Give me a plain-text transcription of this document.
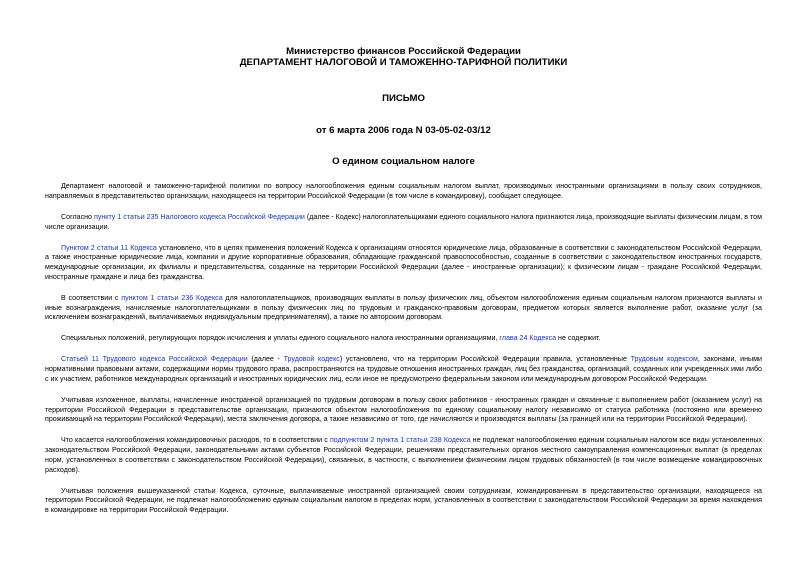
Министерство финансов Российской Федерации
ДЕПАРТАМЕНТ НАЛОГОВОЙ И ТАМОЖЕННО-ТАРИФНОЙ ПОЛИТИКИ
ПИСЬМО
от 6 марта 2006 года N 03-05-02-03/12
О едином социальном налоге

Департамент налоговой и таможенно-тарифной политики по вопросу налогообложения единым социальным налогом выплат, производимых иностранными организациями в пользу своих сотрудников, направляемых в представительство организации, находящееся на территории Российской Федерации (в том числе в командировку), сообщает следующее.

Согласно пункту 1 статьи 235 Налогового кодекса Российской Федерации (далее - Кодекс) налогоплательщиками единого социального налога признаются лица, производящие выплаты физическим лицам, в том числе организации.

Пунктом 2 статьи 11 Кодекса установлено, что в целях применения положений Кодекса к организациям относятся юридические лица, образованные в соответствии с законодательством Российской Федерации, а также иностранные юридические лица, компании и другие корпоративные образования, обладающие гражданской правоспособностью, созданные в соответствии с законодательством иностранных государств, международные организации, их филиалы и представительства, созданные на территории Российской Федерации (далее - иностранные организации); к физическим лицам - граждане Российской Федерации, иностранные граждане и лица без гражданства.

В соответствии с пунктом 1 статьи 236 Кодекса для налогоплательщиков, производящих выплаты в пользу физических лиц, объектом налогообложения единым социальным налогом признаются выплаты и иные вознаграждения, начисляемые налогоплательщиками в пользу физических лиц по трудовым и гражданско-правовым договорам, предметом которых является выполнение работ, оказание услуг (за исключением вознаграждений, выплачиваемых индивидуальным предпринимателям), а также по авторским договорам.

Специальных положений, регулирующих порядок исчисления и уплаты единого социального налога иностранными организациями, глава 24 Кодекса не содержит.

Статьей 11 Трудового кодекса Российской Федерации (далее - Трудовой кодекс) установлено, что на территории Российской Федерации правила, установленные Трудовым кодексом, законами, иными нормативными правовыми актами, содержащими нормы трудового права, распространяются на трудовые отношения иностранных граждан, лиц без гражданства, организаций, созданных или учрежденных ими либо с их участием, работников международных организаций и иностранных юридических лиц, если иное не предусмотрено федеральным законом или международным договором Российской Федерации.

Учитывая изложенное, выплаты, начисленные иностранной организацией по трудовым договорам в пользу своих работников - иностранных граждан и связанные с выполнением работ (оказанием услуг) на территории Российской Федерации в представительстве организации, признаются объектом налогообложения по единому социальному налогу независимо от статуса работника (постоянно или временно проживающий на территории Российской Федерации), места заключения договора, а также независимо от того, где начисляются и производятся выплаты (за границей или на территории Российской Федерации).

Что касается налогообложения командировочных расходов, то в соответствии с подпунктом 2 пункта 1 статьи 238 Кодекса не подлежат налогообложению единым социальным налогом все виды установленных законодательством Российской Федерации, законодательными актами субъектов Российской Федерации, решениями представительных органов местного самоуправления компенсационных выплат (в пределах норм, установленных в соответствии с законодательством Российской Федерации), связанных, в частности, с выполнением физическим лицом трудовых обязанностей (в том числе возмещение командировочных расходов).

Учитывая положения вышеуказанной статьи Кодекса, суточные, выплачиваемые иностранной организацией своим сотрудникам, командированным в представительство организации, находящееся на территории Российской Федерации, не подлежат налогообложению единым социальным налогом в пределах норм, установленных в соответствии с законодательством Российской Федерации за время нахождения в командировке на территории Российской Федерации.
